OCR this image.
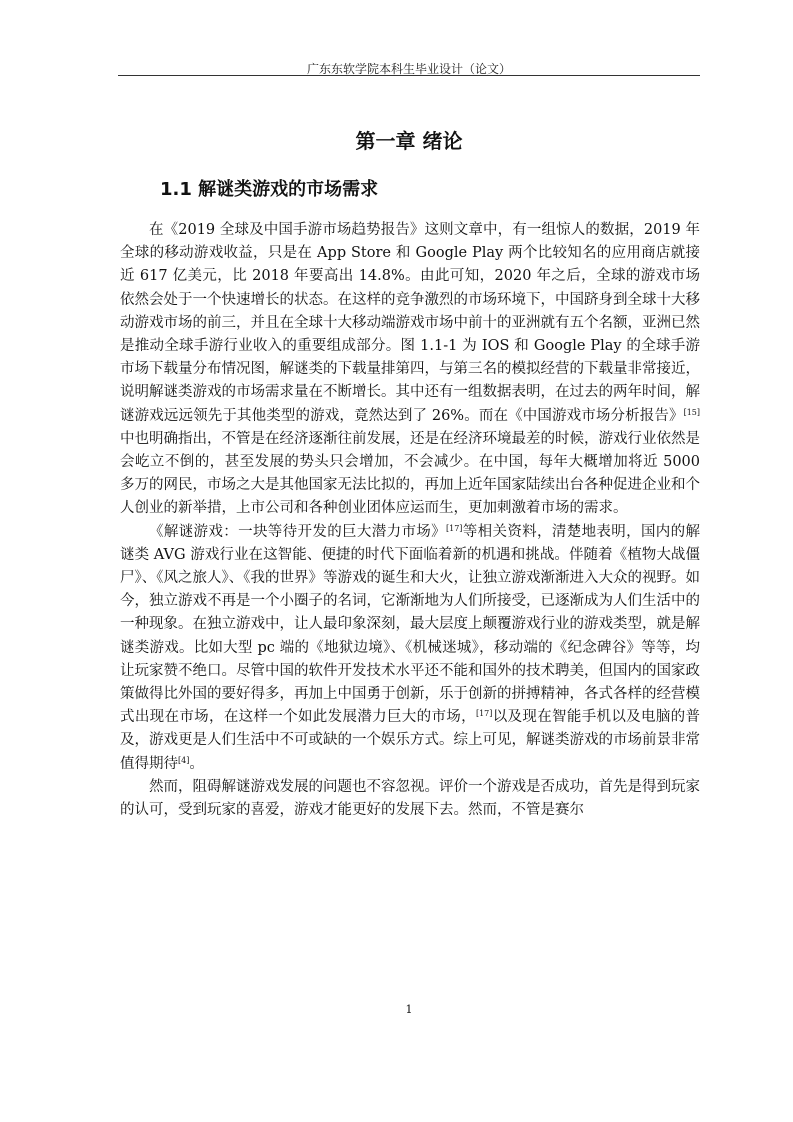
广东东软学院本科生毕业设计（论文）
第一章 绪论
1.1 解谜类游戏的市场需求

在《2019 全球及中国手游市场趋势报告》这则文章中，有一组惊人的数据，2019 年全球的移动游戏收益，只是在 App Store 和 Google Play 两个比较知名的应用商店就接近 617 亿美元，比 2018 年要高出 14.8%。由此可知，2020 年之后，全球的游戏市场依然会处于一个快速增长的状态。在这样的竞争激烈的市场环境下，中国跻身到全球十大移动游戏市场的前三，并且在全球十大移动端游戏市场中前十的亚洲就有五个名额，亚洲已然是推动全球手游行业收入的重要组成部分。图 1.1-1 为 IOS 和 Google Play 的全球手游市场下载量分布情况图，解谜类的下载量排第四，与第三名的模拟经营的下载量非常接近，说明解谜类游戏的市场需求量在不断增长。其中还有一组数据表明，在过去的两年时间，解谜游戏远远领先于其他类型的游戏，竟然达到了 26%。而在《中国游戏市场分析报告》[15]中也明确指出，不管是在经济逐渐往前发展，还是在经济环境最差的时候，游戏行业依然是会屹立不倒的，甚至发展的势头只会增加，不会减少。在中国，每年大概增加将近 5000 多万的网民，市场之大是其他国家无法比拟的，再加上近年国家陆续出台各种促进企业和个人创业的新举措，上市公司和各种创业团体应运而生，更加刺激着市场的需求。

《解谜游戏：一块等待开发的巨大潜力市场》[17]等相关资料，清楚地表明，国内的解谜类 AVG 游戏行业在这智能、便捷的时代下面临着新的机遇和挑战。伴随着《植物大战僵尸》、《风之旅人》、《我的世界》等游戏的诞生和大火，让独立游戏渐渐进入大众的视野。如今，独立游戏不再是一个小圈子的名词，它渐渐地为人们所接受，已逐渐成为人们生活中的一种现象。在独立游戏中，让人最印象深刻，最大层度上颠覆游戏行业的游戏类型，就是解谜类游戏。比如大型 pc 端的《地狱边境》、《机械迷城》，移动端的《纪念碑谷》等等，均让玩家赞不绝口。尽管中国的软件开发技术水平还不能和国外的技术聘美，但国内的国家政策做得比外国的要好得多，再加上中国勇于创新，乐于创新的拼搏精神，各式各样的经营模式出现在市场，在这样一个如此发展潜力巨大的市场，[17]以及现在智能手机以及电脑的普及，游戏更是人们生活中不可或缺的一个娱乐方式。综上可见，解谜类游戏的市场前景非常值得期待[4]。

然而，阻碍解谜游戏发展的问题也不容忽视。评价一个游戏是否成功，首先是得到玩家的认可，受到玩家的喜爱，游戏才能更好的发展下去。然而，不管是赛尔

1
